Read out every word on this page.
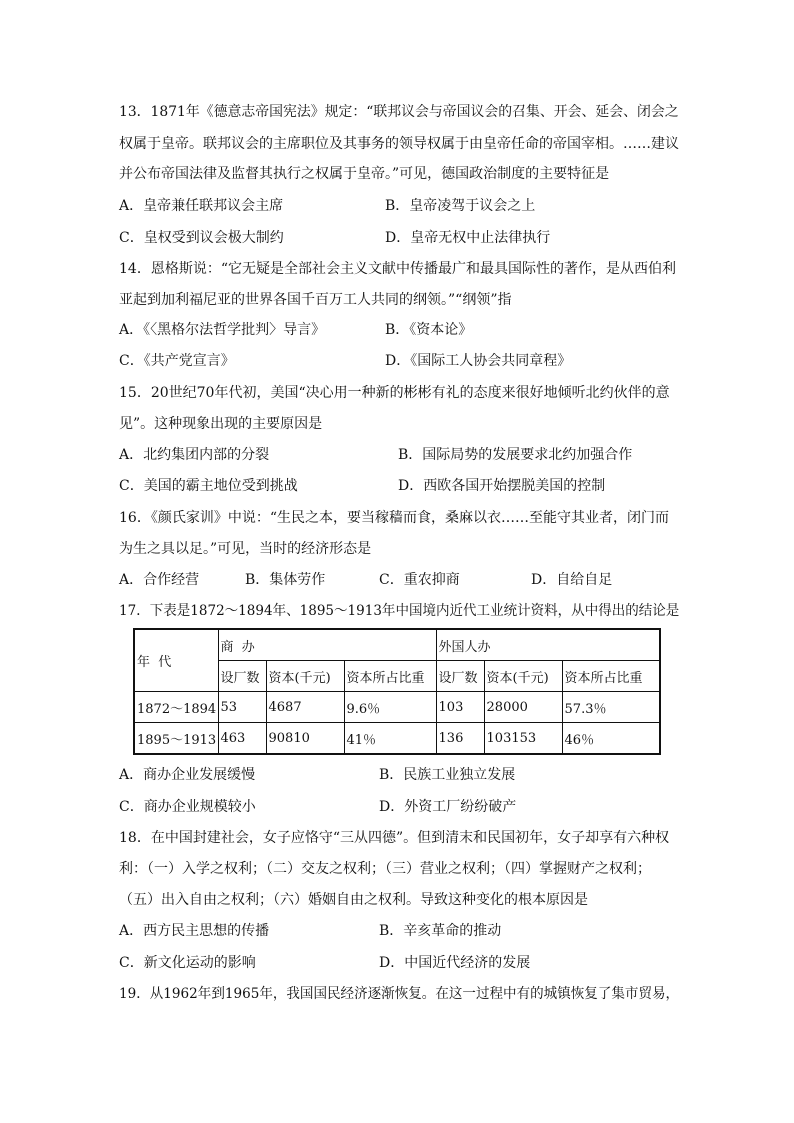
13．1871年《德意志帝国宪法》规定：“联邦议会与帝国议会的召集、开会、延会、闭会之
权属于皇帝。联邦议会的主席职位及其事务的领导权属于由皇帝任命的帝国宰相。……建议
并公布帝国法律及监督其执行之权属于皇帝。”可见，德国政治制度的主要特征是
A．皇帝兼任联邦议会主席	B．皇帝凌驾于议会之上
C．皇权受到议会极大制约	D．皇帝无权中止法律执行
14．恩格斯说：“它无疑是全部社会主义文献中传播最广和最具国际性的著作，是从西伯利
亚起到加利福尼亚的世界各国千百万工人共同的纲领。”“纲领”指
A．《〈黑格尔法哲学批判〉导言》	B．《资本论》
C．《共产党宣言》	D．《国际工人协会共同章程》
15．20世纪70年代初，美国“决心用一种新的彬彬有礼的态度来很好地倾听北约伙伴的意
见”。这种现象出现的主要原因是
A．北约集团内部的分裂	B．国际局势的发展要求北约加强合作
C．美国的霸主地位受到挑战	D．西欧各国开始摆脱美国的控制
16．《颜氏家训》中说：“生民之本，要当稼穑而食，桑麻以衣……至能守其业者，闭门而
为生之具以足。”可见，当时的经济形态是
A．合作经营	B．集体劳作	C．重农抑商	D．自给自足
17．下表是1872～1894年、1895～1913年中国境内近代工业统计资料，从中得出的结论是
年  代	商  办			外国人办		
	设厂数	资本(千元)	资本所占比重	设厂数	资本(千元)	资本所占比重
1872～1894	53	4687	9.6％	103	28000	57.3％
1895～1913	463	90810	41％	136	103153	46％
A．商办企业发展缓慢	B．民族工业独立发展
C．商办企业规模较小	D．外资工厂纷纷破产
18．在中国封建社会，女子应恪守“三从四德”。但到清末和民国初年，女子却享有六种权
利：（一）入学之权利；（二）交友之权利；（三）营业之权利；（四）掌握财产之权利；
（五）出入自由之权利；（六）婚姻自由之权利。导致这种变化的根本原因是
A．西方民主思想的传播	B．辛亥革命的推动
C．新文化运动的影响	D．中国近代经济的发展
19．从1962年到1965年，我国国民经济逐渐恢复。在这一过程中有的城镇恢复了集市贸易，
